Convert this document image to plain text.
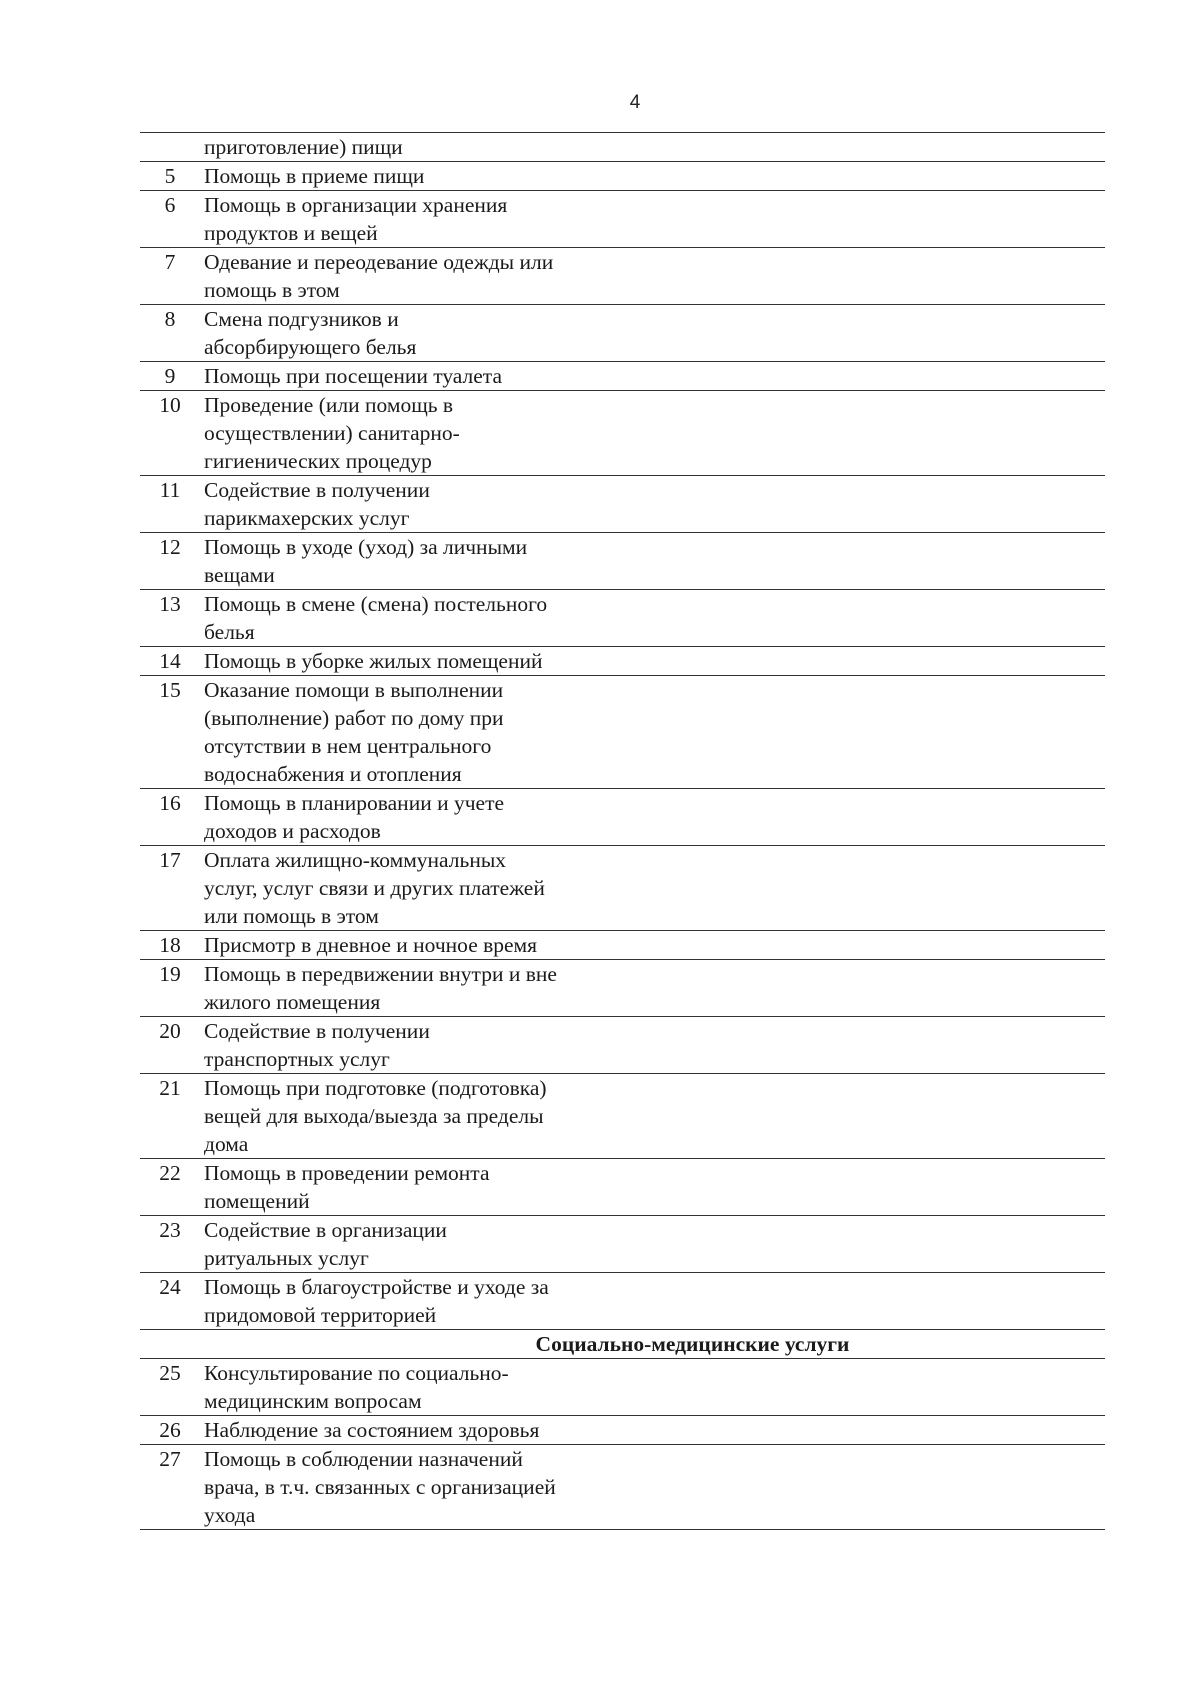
4
приготовление) пищи
5	Помощь в приеме пищи
6	Помощь в организации хранения
продуктов и вещей
7	Одевание и переодевание одежды или
помощь в этом
8	Смена подгузников и
абсорбирующего белья
9	Помощь при посещении туалета
10	Проведение (или помощь в
осуществлении) санитарно-
гигиенических процедур
11	Содействие в получении
парикмахерских услуг
12	Помощь в уходе (уход) за личными
вещами
13	Помощь в смене (смена) постельного
белья
14	Помощь в уборке жилых помещений
15	Оказание помощи в выполнении
(выполнение) работ по дому при
отсутствии в нем центрального
водоснабжения и отопления
16	Помощь в планировании и учете
доходов и расходов
17	Оплата жилищно-коммунальных
услуг, услуг связи и других платежей
или помощь в этом
18	Присмотр в дневное и ночное время
19	Помощь в передвижении внутри и вне
жилого помещения
20	Содействие в получении
транспортных услуг
21	Помощь при подготовке (подготовка)
вещей для выхода/выезда за пределы
дома
22	Помощь в проведении ремонта
помещений
23	Содействие в организации
ритуальных услуг
24	Помощь в благоустройстве и уходе за
придомовой территорией
Социально-медицинские услуги
25	Консультирование по социально-
медицинским вопросам
26	Наблюдение за состоянием здоровья
27	Помощь в соблюдении назначений
врача, в т.ч. связанных с организацией
ухода
